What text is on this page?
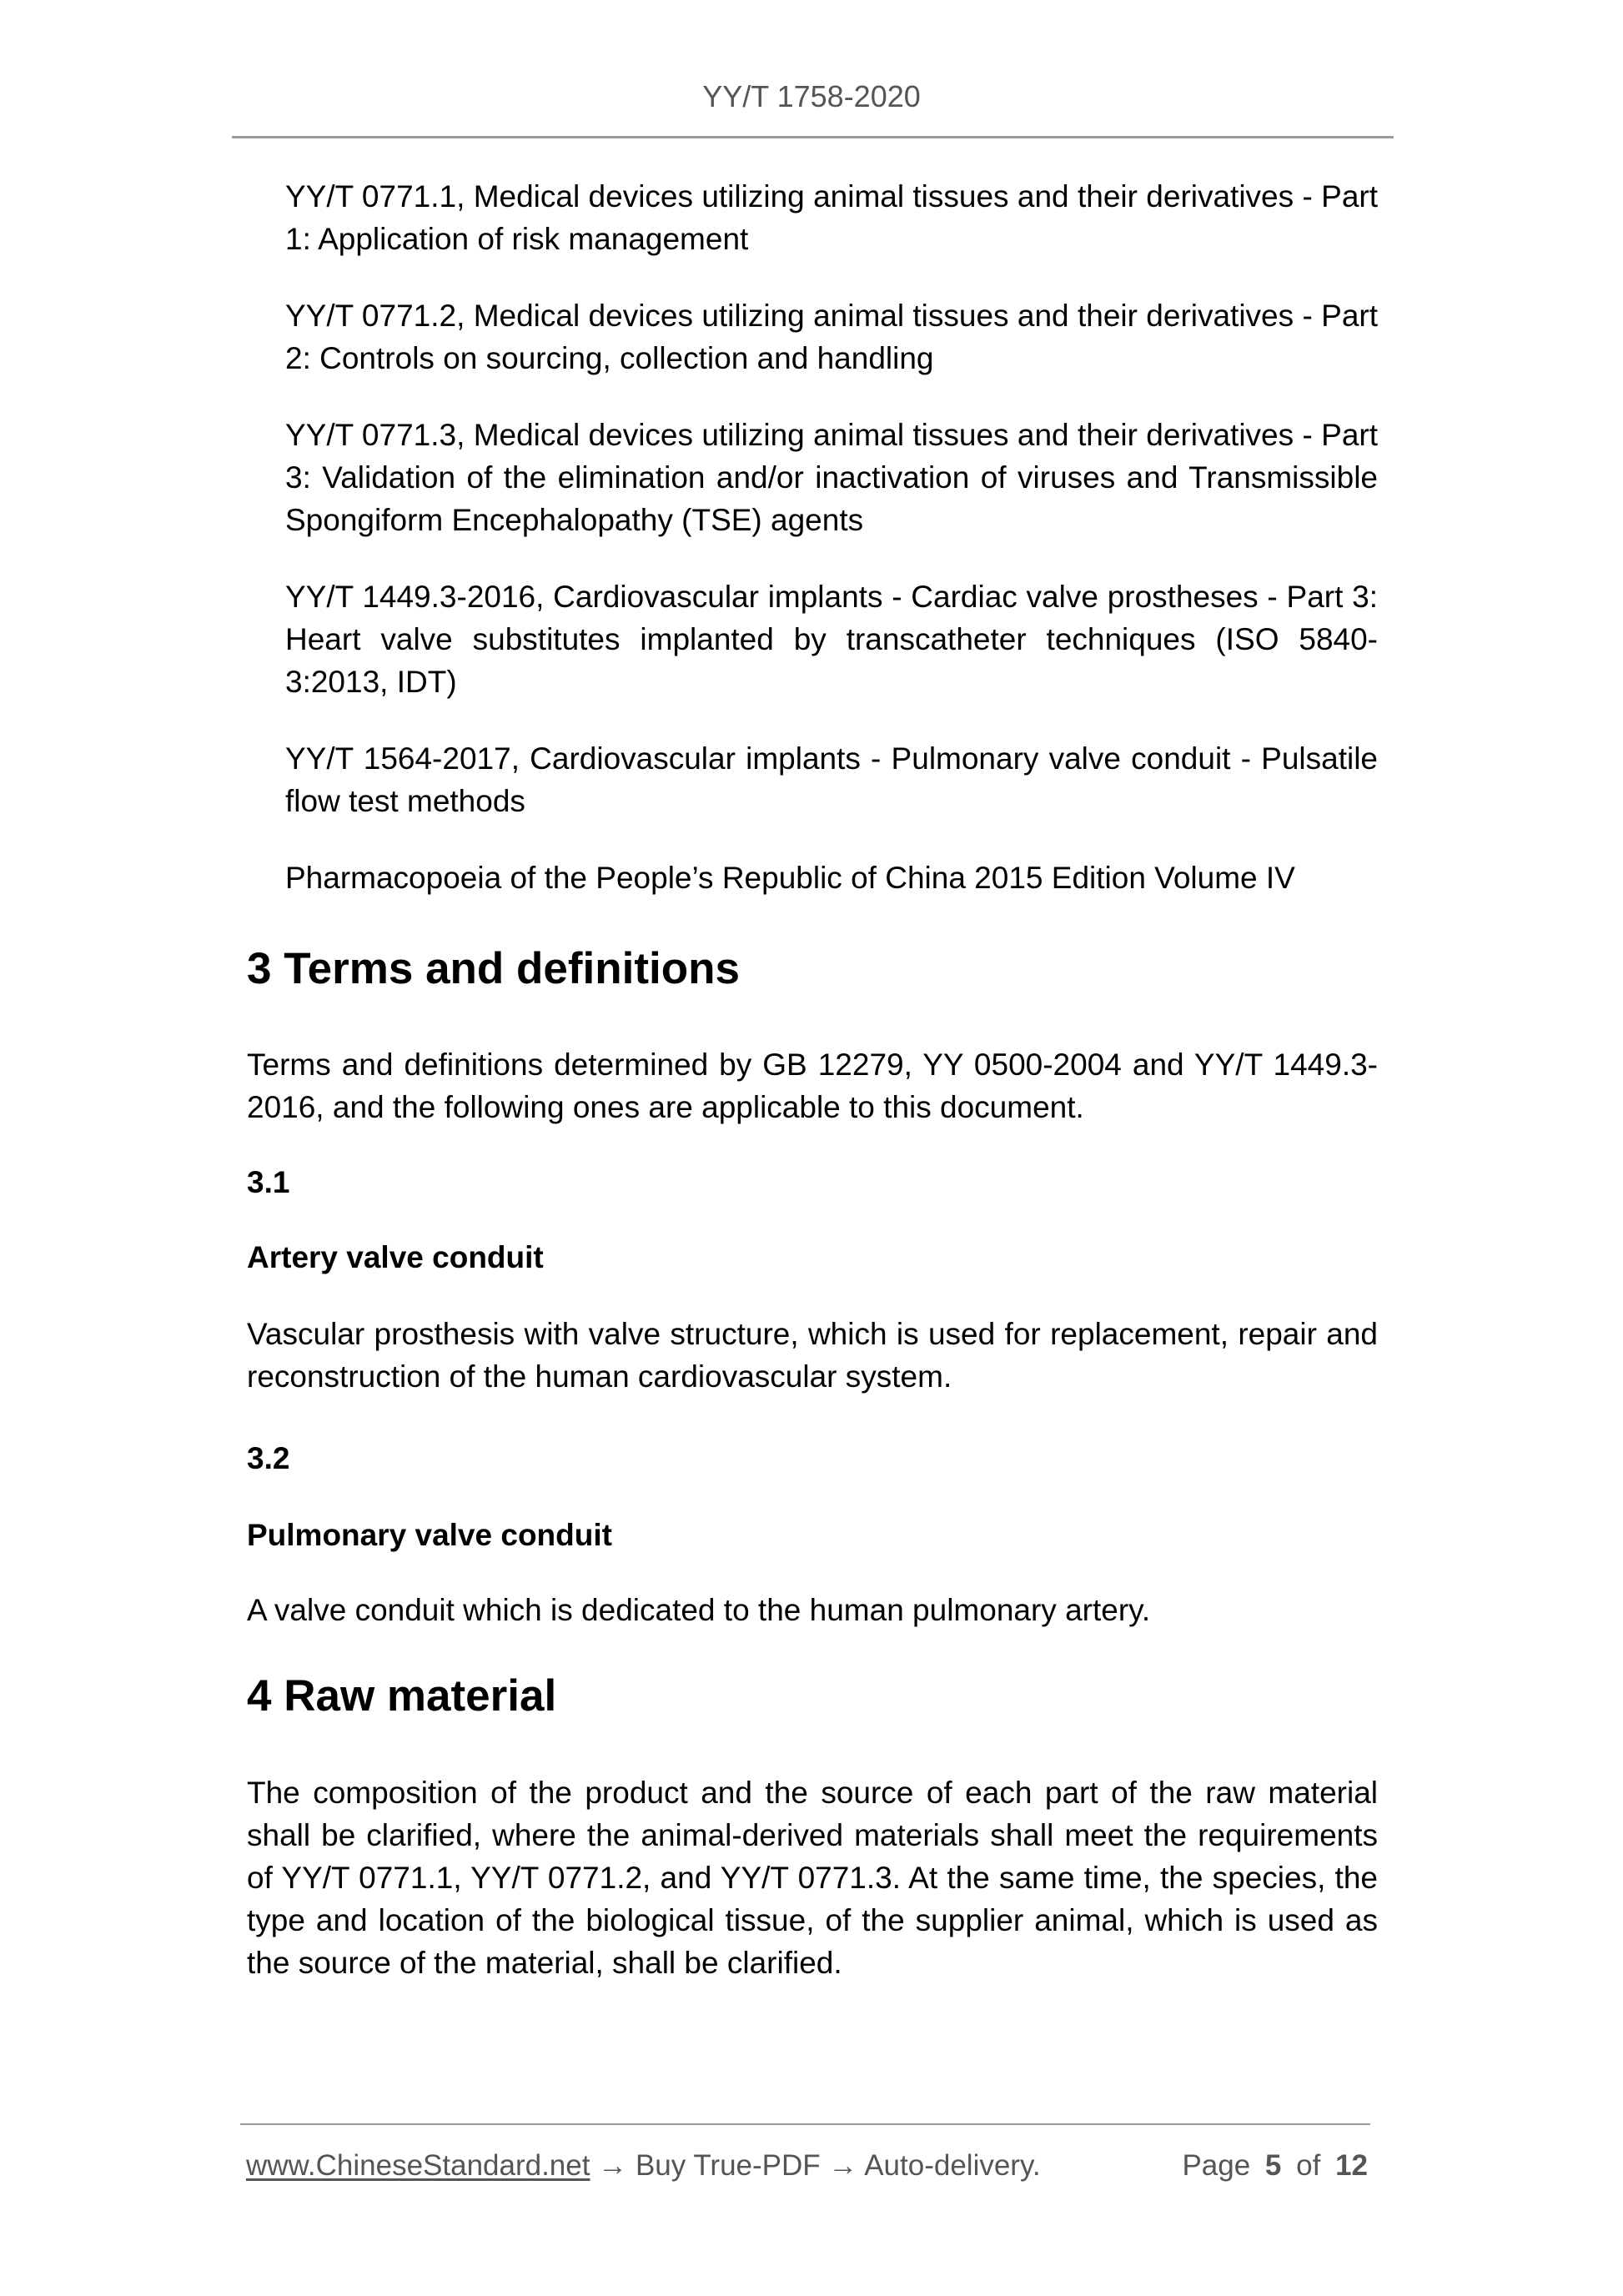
YY/T 1758-2020

YY/T 0771.1, Medical devices utilizing animal tissues and their derivatives - Part 1: Application of risk management

YY/T 0771.2, Medical devices utilizing animal tissues and their derivatives - Part 2: Controls on sourcing, collection and handling

YY/T 0771.3, Medical devices utilizing animal tissues and their derivatives - Part 3: Validation of the elimination and/or inactivation of viruses and Transmissible Spongiform Encephalopathy (TSE) agents

YY/T 1449.3-2016, Cardiovascular implants - Cardiac valve prostheses - Part 3: Heart valve substitutes implanted by transcatheter techniques (ISO 5840-3:2013, IDT)

YY/T 1564-2017, Cardiovascular implants - Pulmonary valve conduit - Pulsatile flow test methods

Pharmacopoeia of the People’s Republic of China 2015 Edition Volume IV

3 Terms and definitions

Terms and definitions determined by GB 12279, YY 0500-2004 and YY/T 1449.3-2016, and the following ones are applicable to this document.

3.1

Artery valve conduit

Vascular prosthesis with valve structure, which is used for replacement, repair and reconstruction of the human cardiovascular system.

3.2

Pulmonary valve conduit

A valve conduit which is dedicated to the human pulmonary artery.

4 Raw material

The composition of the product and the source of each part of the raw material shall be clarified, where the animal-derived materials shall meet the requirements of YY/T 0771.1, YY/T 0771.2, and YY/T 0771.3. At the same time, the species, the type and location of the biological tissue, of the supplier animal, which is used as the source of the material, shall be clarified.

www.ChineseStandard.net → Buy True-PDF → Auto-delivery.	Page 5 of 12
